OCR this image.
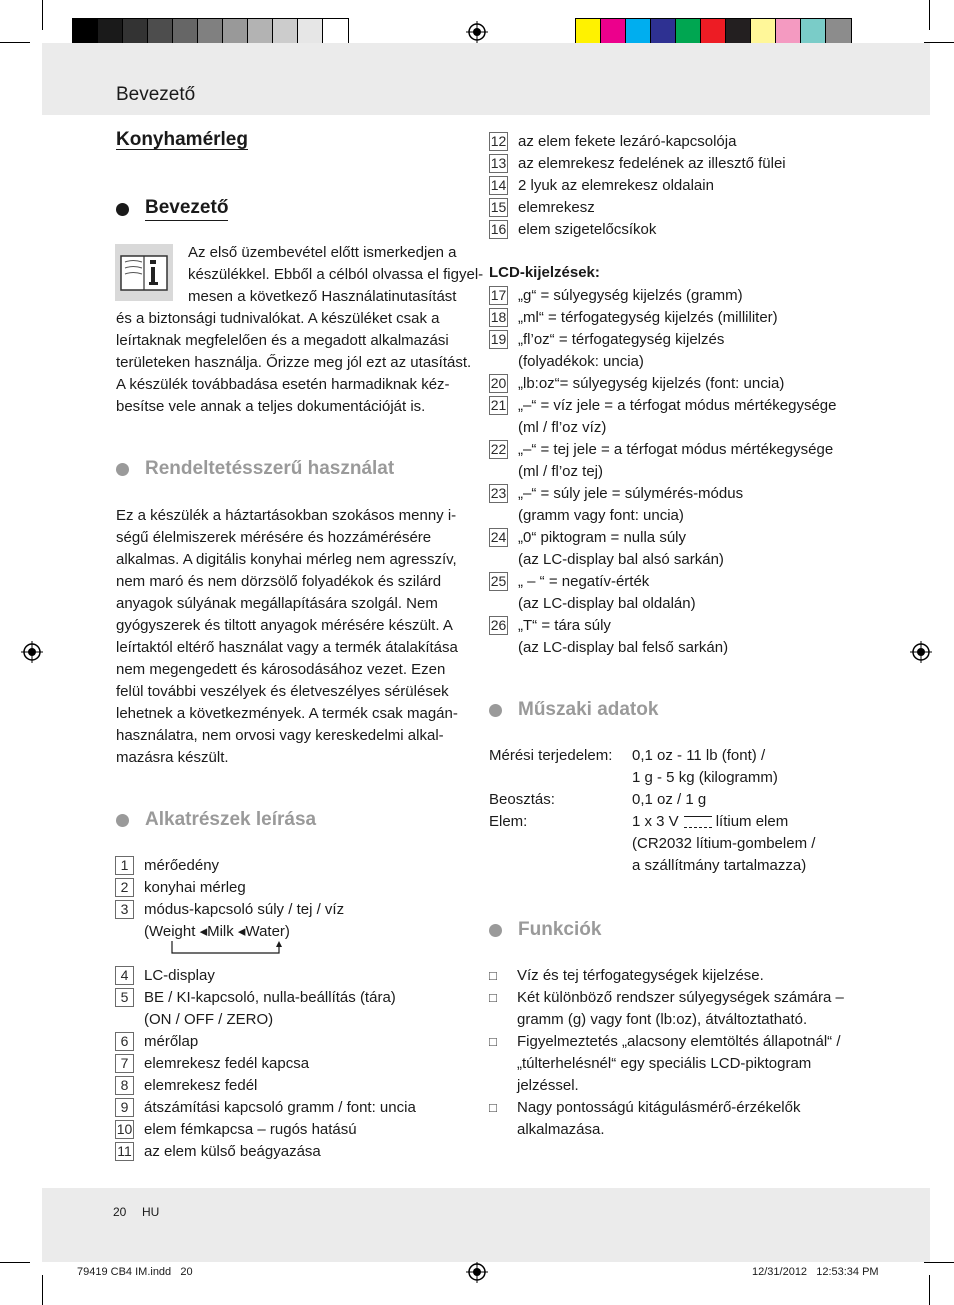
Bevezető
20 HU
79419 CB4 IM.indd   20	12/31/2012   12:53:34 PM
Konyhamérleg
Bevezető
Az első üzembevétel előtt ismerkedjen a
készülékkel. Ebből a célból olvassa el figyel-
mesen a következő Használatinutasítást
és a biztonsági tudnivalókat. A készüléket csak a
leírtaknak megfelelően és a megadott alkalmazási
területeken használja. Őrizze meg jól ezt az utasítást.
A készülék továbbadása esetén harmadiknak kéz-
besítse vele annak a teljes dokumentációját is.
Rendeltetésszerű használat
Ez a készülék a háztartásokban szokásos menny i-
ségű élelmiszerek mérésére és hozzámérésére
alkalmas. A digitális konyhai mérleg nem agresszív,
nem maró és nem dörzsölő folyadékok és szilárd
anyagok súlyának megállapítására szolgál. Nem
gyógyszerek és tiltott anyagok mérésére készült. A
leírtaktól eltérő használat vagy a termék átalakítása
nem megengedett és károsodásához vezet. Ezen
felül további veszélyek és életveszélyes sérülések
lehetnek a következmények. A termék csak magán-
használatra, nem orvosi vagy kereskedelmi alkal-
mazásra készült.
Alkatrészek leírása
1	mérőedény
2	konyhai mérleg
3	módus-kapcsoló súly / tej / víz
(Weight ◂Milk ◂Water)
4	LC-display
5	BE / KI-kapcsoló, nulla-beállítás (tára)
(ON / OFF / ZERO)
6	mérőlap
7	elemrekesz fedél kapcsa
8	elemrekesz fedél
9	átszámítási kapcsoló gramm / font: uncia
10 elem fémkapcsa – rugós hatású
11 az elem külső beágyazása
12 az elem fekete lezáró-kapcsolója
13 az elemrekesz fedelének az illesztő fülei
14 2 lyuk az elemrekesz oldalain
15 elemrekesz
16 elem szigetelőcsíkok
LCD-kijelzések:
17 „g“ = súlyegység kijelzés (gramm)
18 „ml“ = térfogategység kijelzés (milliliter)
19 „fl’oz“ = térfogategység kijelzés
(folyadékok: uncia)
20 „lb:oz“= súlyegység kijelzés (font: uncia)
21 „–“ = víz jele = a térfogat módus mértékegysége
(ml / fl’oz víz)
22 „–“ = tej jele = a térfogat módus mértékegysége
(ml / fl’oz tej)
23 „–“ = súly jele = súlymérés-módus
(gramm vagy font: uncia)
24 „0“ piktogram = nulla súly
(az LC-display bal alsó sarkán)
25 „ – “ = negatív-érték
(az LC-display bal oldalán)
26 „T“ = tára súly
(az LC-display bal felső sarkán)
Műszaki adatok
Mérési terjedelem: 0,1 oz - 11 lb (font) /
1 g - 5 kg (kilogramm)
Beosztás:	0,1 oz / 1 g
Elem:	1 x 3 V lítium elem
(CR2032 lítium-gombelem /
a szállítmány tartalmazza)
Funkciók
□ Víz és tej térfogategységek kijelzése.
□ Két különböző rendszer súlyegységek számára –
gramm (g) vagy font (lb:oz), átváltoztatható.
□ Figyelmeztetés „alacsony elemtöltés állapotnál“ /
„túlterhelésnél“ egy speciális LCD-piktogram
jelzéssel.
□ Nagy pontosságú kitágulásmérő-érzékelők
alkalmazása.
